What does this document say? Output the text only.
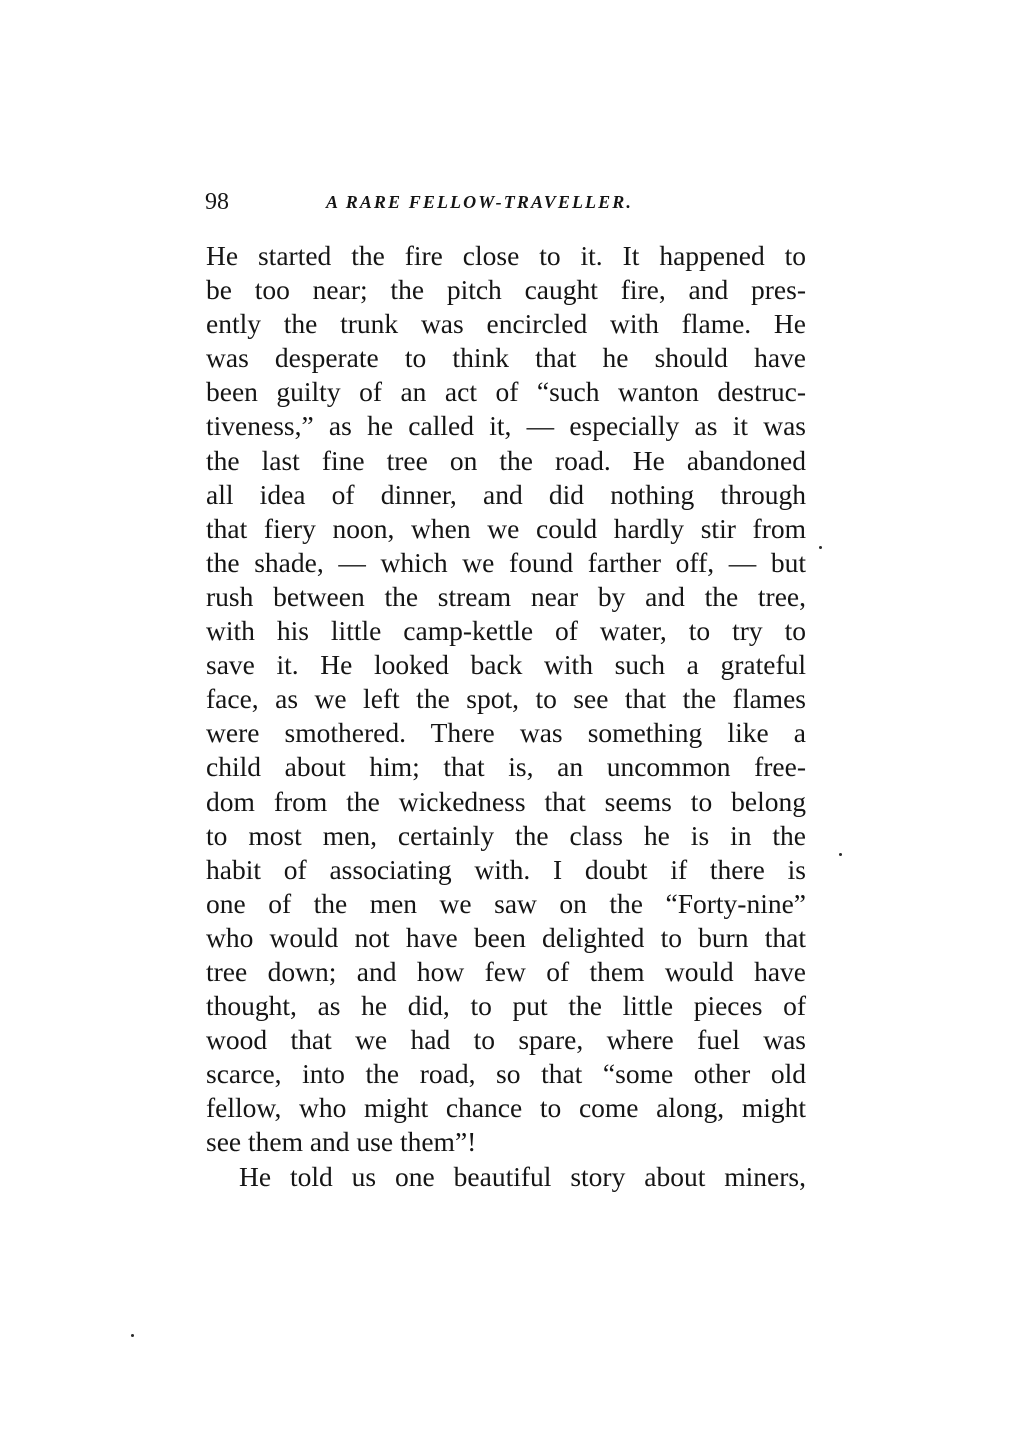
98	A RARE FELLOW-TRAVELLER.
He started the fire close to it. It happened to
be too near; the pitch caught fire, and pres-
ently the trunk was encircled with flame. He
was desperate to think that he should have
been guilty of an act of “such wanton destruc-
tiveness,” as he called it, — especially as it was
the last fine tree on the road. He abandoned
all idea of dinner, and did nothing through
that fiery noon, when we could hardly stir from
the shade, — which we found farther off, — but
rush between the stream near by and the tree,
with his little camp-kettle of water, to try to
save it. He looked back with such a grateful
face, as we left the spot, to see that the flames
were smothered. There was something like a
child about him; that is, an uncommon free-
dom from the wickedness that seems to belong
to most men, certainly the class he is in the
habit of associating with. I doubt if there is
one of the men we saw on the “Forty-nine”
who would not have been delighted to burn that
tree down; and how few of them would have
thought, as he did, to put the little pieces of
wood that we had to spare, where fuel was
scarce, into the road, so that “some other old
fellow, who might chance to come along, might
see them and use them”!
He told us one beautiful story about miners,
